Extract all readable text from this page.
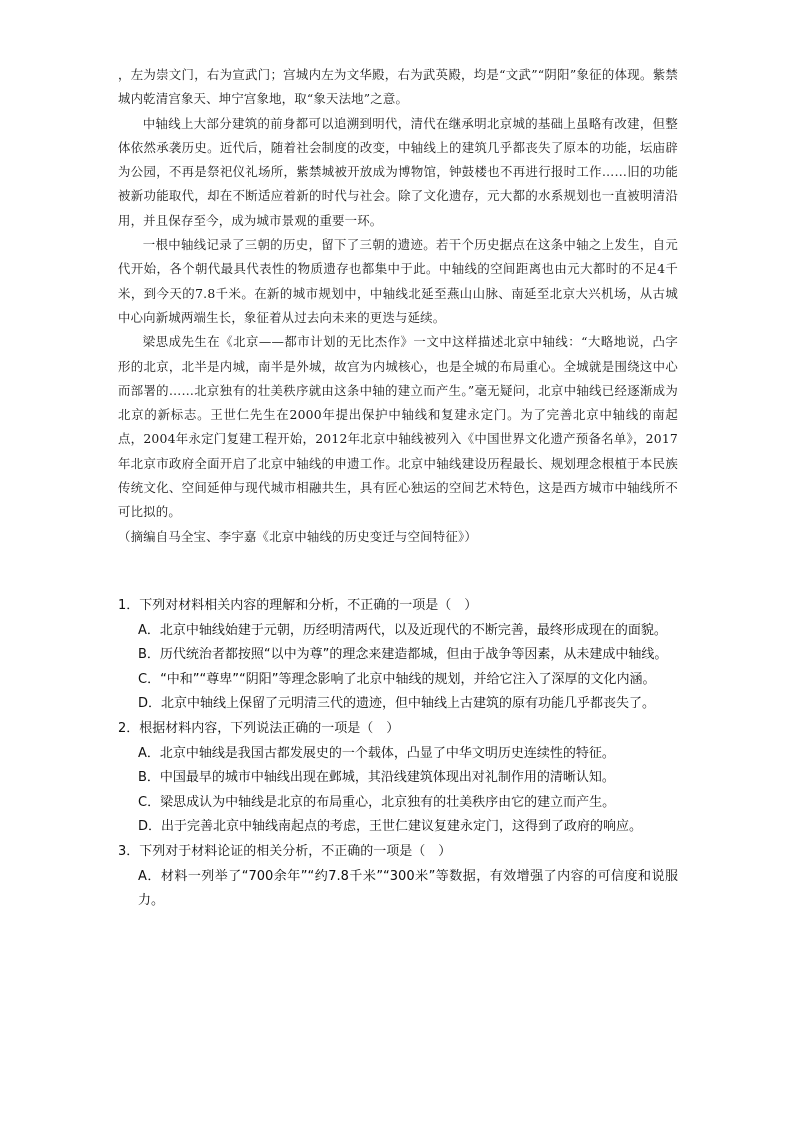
，左为崇文门，右为宣武门；宫城内左为文华殿，右为武英殿，均是“文武”“阴阳”象征的体现。紫禁城内乾清宫象天、坤宁宫象地，取“象天法地”之意。

中轴线上大部分建筑的前身都可以追溯到明代，清代在继承明北京城的基础上虽略有改建，但整体依然承袭历史。近代后，随着社会制度的改变，中轴线上的建筑几乎都丧失了原本的功能，坛庙辟为公园，不再是祭祀仪礼场所，紫禁城被开放成为博物馆，钟鼓楼也不再进行报时工作……旧的功能被新功能取代，却在不断适应着新的时代与社会。除了文化遗存，元大都的水系规划也一直被明清沿用，并且保存至今，成为城市景观的重要一环。

一根中轴线记录了三朝的历史，留下了三朝的遗迹。若干个历史据点在这条中轴之上发生，自元代开始，各个朝代最具代表性的物质遗存也都集中于此。中轴线的空间距离也由元大都时的不足4千米，到今天的7.8千米。在新的城市规划中，中轴线北延至燕山山脉、南延至北京大兴机场，从古城中心向新城两端生长，象征着从过去向未来的更迭与延续。

梁思成先生在《北京——都市计划的无比杰作》一文中这样描述北京中轴线：“大略地说，凸字形的北京，北半是内城，南半是外城，故宫为内城核心，也是全城的布局重心。全城就是围绕这中心而部署的……北京独有的壮美秩序就由这条中轴的建立而产生。”毫无疑问，北京中轴线已经逐渐成为北京的新标志。王世仁先生在2000年提出保护中轴线和复建永定门。为了完善北京中轴线的南起点，2004年永定门复建工程开始，2012年北京中轴线被列入《中国世界文化遗产预备名单》，2017年北京市政府全面开启了北京中轴线的申遗工作。北京中轴线建设历程最长、规划理念根植于本民族传统文化、空间延伸与现代城市相融共生，具有匠心独运的空间艺术特色，这是西方城市中轴线所不可比拟的。

（摘编自马全宝、李宇嘉《北京中轴线的历史变迁与空间特征》）

1．下列对材料相关内容的理解和分析，不正确的一项是（　）

A．北京中轴线始建于元朝，历经明清两代，以及近现代的不断完善，最终形成现在的面貌。

B．历代统治者都按照“以中为尊”的理念来建造都城，但由于战争等因素，从未建成中轴线。

C．“中和”“尊卑”“阴阳”等理念影响了北京中轴线的规划，并给它注入了深厚的文化内涵。

D．北京中轴线上保留了元明清三代的遗迹，但中轴线上古建筑的原有功能几乎都丧失了。

2．根据材料内容，下列说法正确的一项是（　）

A．北京中轴线是我国古都发展史的一个载体，凸显了中华文明历史连续性的特征。

B．中国最早的城市中轴线出现在邺城，其沿线建筑体现出对礼制作用的清晰认知。

C．梁思成认为中轴线是北京的布局重心，北京独有的壮美秩序由它的建立而产生。

D．出于完善北京中轴线南起点的考虑，王世仁建议复建永定门，这得到了政府的响应。

3．下列对于材料论证的相关分析，不正确的一项是（　）

A．材料一列举了“700余年”“约7.8千米”“300米”等数据，有效增强了内容的可信度和说服力。
